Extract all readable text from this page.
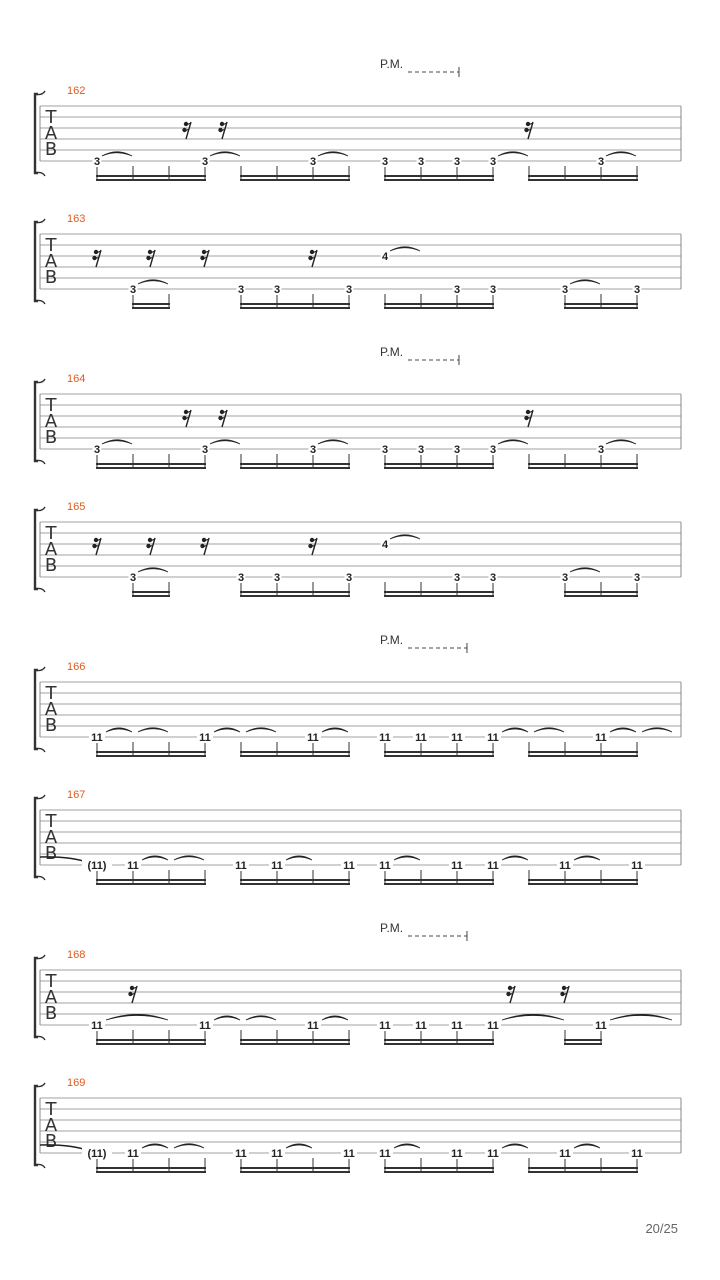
T
A
B
162
P.M.
3	3	3	3	3	3	3	3
T
A
B
163
3	3	3	3
4
3	3	3	3
T
A
B
164
P.M.
3	3	3	3	3	3	3	3
T
A
B
165
3	3	3	3
4
3	3	3	3
T
A
B
166
P.M.
11	11	11	11 11 11 11	11
T
A
B
167
(11) 11	11 11	11 11	11 11	11	11
T
A
B
168
P.M.
11	11	11	11 11 11 11	11
T
A
B
169
(11) 11	11 11	11 11	11 11	11	11
20/25
